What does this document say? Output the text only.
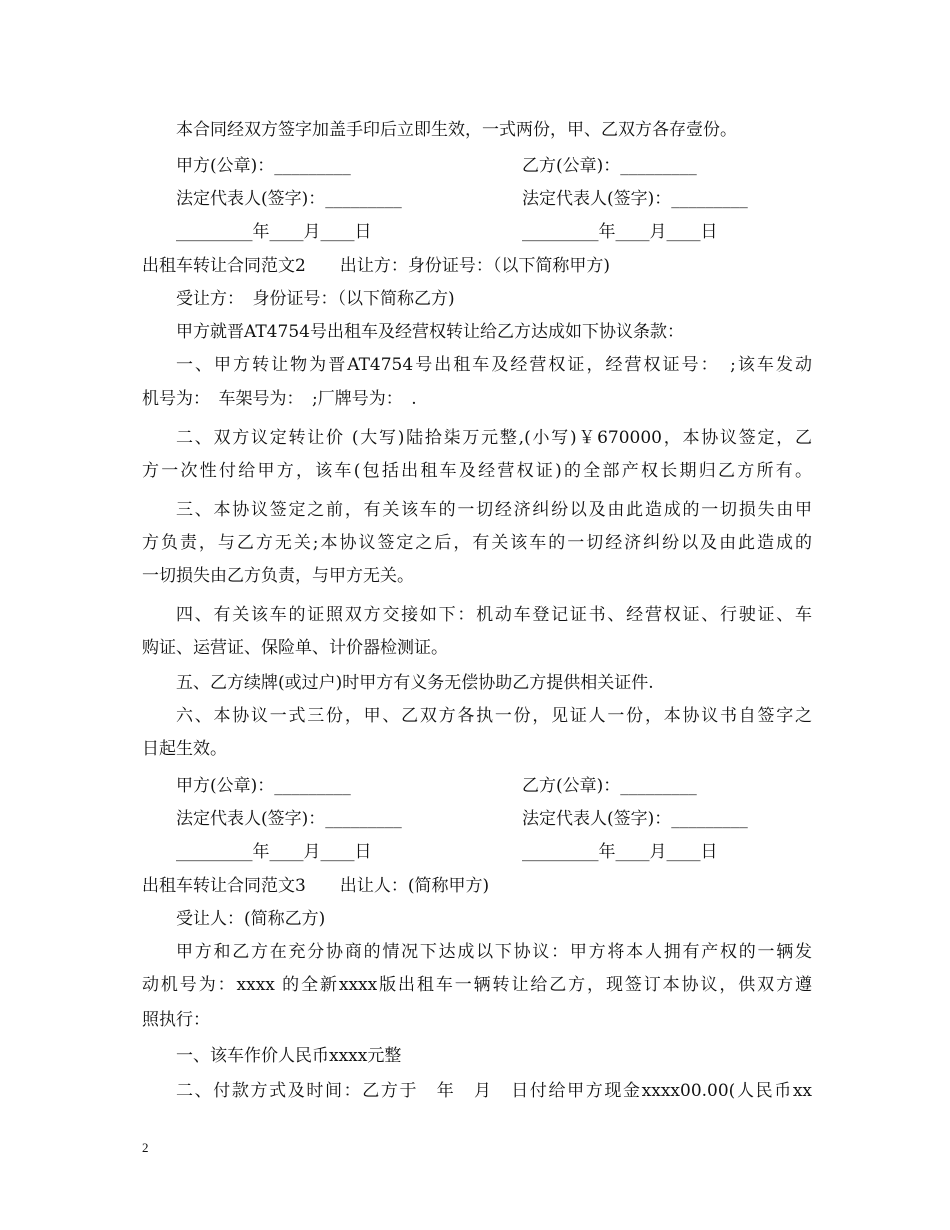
本合同经双方签字加盖手印后立即生效，一式两份，甲、乙双方各存壹份。
甲方(公章)：_________	乙方(公章)：_________
法定代表人(签字)：_________	法定代表人(签字)：_________
_________年____月____日	_________年____月____日
出租车转让合同范文2 出让方：身份证号：（以下简称甲方)
受让方：　身份证号：（以下简称乙方)
甲方就晋AT4754号出租车及经营权转让给乙方达成如下协议条款：
一、甲方转让物为晋AT4754号出租车及经营权证，经营权证号：　;该车发动
机号为：　车架号为：　;厂牌号为：　.
二、双方议定转让价 (大写)陆拾柒万元整,(小写)￥670000，本协议签定，乙
方一次性付给甲方，该车(包括出租车及经营权证)的全部产权长期归乙方所有。
三、本协议签定之前，有关该车的一切经济纠纷以及由此造成的一切损失由甲
方负责，与乙方无关;本协议签定之后，有关该车的一切经济纠纷以及由此造成的
一切损失由乙方负责，与甲方无关。
四、有关该车的证照双方交接如下：机动车登记证书、经营权证、行驶证、车
购证、运营证、保险单、计价器检测证。
五、乙方续牌(或过户)时甲方有义务无偿协助乙方提供相关证件.
六、本协议一式三份，甲、乙双方各执一份，见证人一份，本协议书自签字之
日起生效。
甲方(公章)：_________	乙方(公章)：_________
法定代表人(签字)：_________	法定代表人(签字)：_________
_________年____月____日	_________年____月____日
出租车转让合同范文3 出让人：(简称甲方)
受让人：(简称乙方)
甲方和乙方在充分协商的情况下达成以下协议：甲方将本人拥有产权的一辆发
动机号为：xxxx 的全新xxxx版出租车一辆转让给乙方，现签订本协议，供双方遵
照执行：
一、该车作价人民币xxxx元整
二、付款方式及时间：乙方于　年　月　日付给甲方现金xxxx00.00(人民币xx
2
